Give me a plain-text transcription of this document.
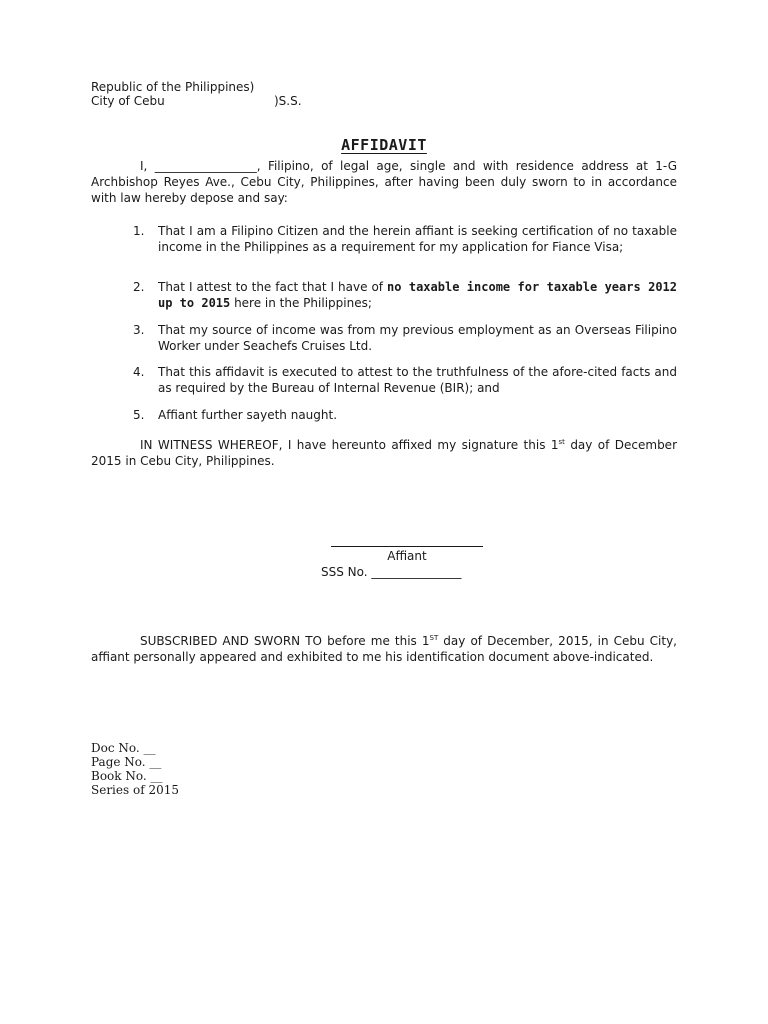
Republic of the Philippines)
City of Cebu	)S.S.
AFFIDAVIT
I, _________________, Filipino, of legal age, single and with residence address at 1-G Archbishop Reyes Ave., Cebu City, Philippines, after having been duly sworn to in accordance with law hereby depose and say:
1. That I am a Filipino Citizen and the herein affiant is seeking certification of no taxable income in the Philippines as a requirement for my application for Fiance Visa;
2. That I attest to the fact that I have of no taxable income for taxable years 2012 up to 2015 here in the Philippines;
3. That my source of income was from my previous employment as an Overseas Filipino Worker under Seachefs Cruises Ltd.
4. That this affidavit is executed to attest to the truthfulness of the afore-cited facts and as required by the Bureau of Internal Revenue (BIR); and
5. Affiant further sayeth naught.
IN WITNESS WHEREOF, I have hereunto affixed my signature this 1st day of December 2015 in Cebu City, Philippines.
Affiant
SSS No. _______________
SUBSCRIBED AND SWORN TO before me this 1ST day of December, 2015, in Cebu City, affiant personally appeared and exhibited to me his identification document above-indicated.
Doc No. __
Page No. __
Book No. __
Series of 2015
